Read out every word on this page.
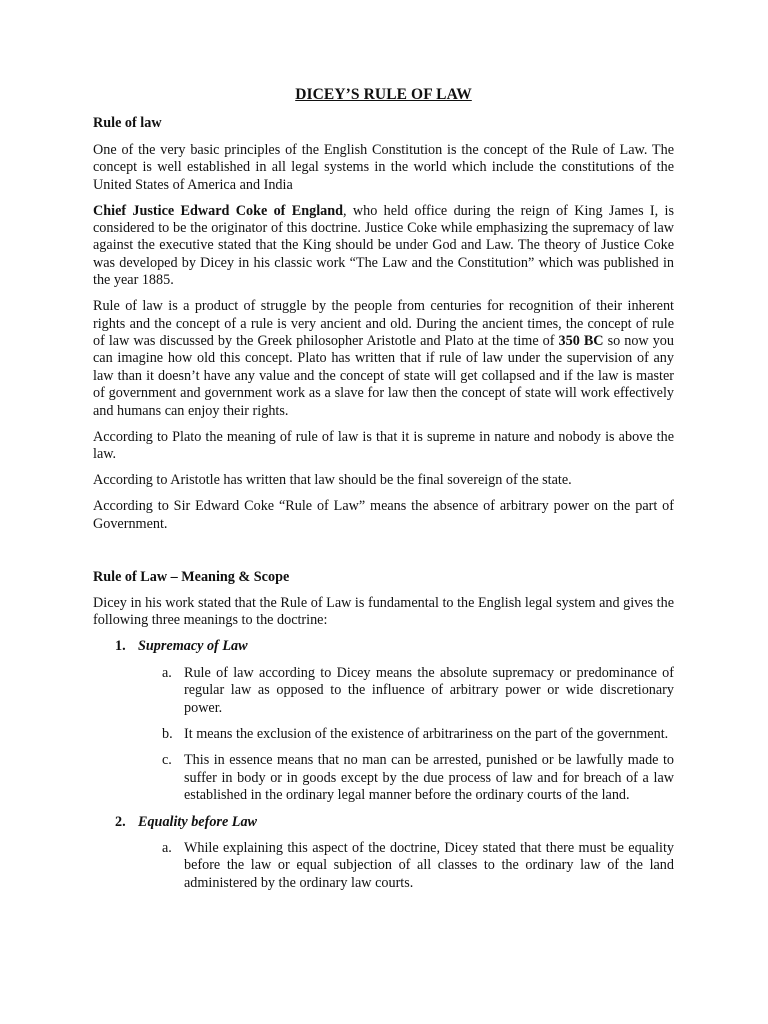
DICEY’S RULE OF LAW
Rule of law

One of the very basic principles of the English Constitution is the concept of the Rule of Law. The concept is well established in all legal systems in the world which include the constitutions of the United States of America and India

Chief Justice Edward Coke of England, who held office during the reign of King James I, is considered to be the originator of this doctrine. Justice Coke while emphasizing the supremacy of law against the executive stated that the King should be under God and Law. The theory of Justice Coke was developed by Dicey in his classic work “The Law and the Constitution” which was published in the year 1885.

Rule of law is a product of struggle by the people from centuries for recognition of their inherent rights and the concept of a rule is very ancient and old. During the ancient times, the concept of rule of law was discussed by the Greek philosopher Aristotle and Plato at the time of 350 BC so now you can imagine how old this concept. Plato has written that if rule of law under the supervision of any law than it doesn’t have any value and the concept of state will get collapsed and if the law is master of government and government work as a slave for law then the concept of state will work effectively and humans can enjoy their rights.

According to Plato the meaning of rule of law is that it is supreme in nature and nobody is above the law.

According to Aristotle has written that law should be the final sovereign of the state.

According to Sir Edward Coke “Rule of Law” means the absence of arbitrary power on the part of Government.

Rule of Law – Meaning & Scope

Dicey in his work stated that the Rule of Law is fundamental to the English legal system and gives the following three meanings to the doctrine:

1. Supremacy of Law
a. Rule of law according to Dicey means the absolute supremacy or predominance of regular law as opposed to the influence of arbitrary power or wide discretionary power.
b. It means the exclusion of the existence of arbitrariness on the part of the government.
c. This in essence means that no man can be arrested, punished or be lawfully made to suffer in body or in goods except by the due process of law and for breach of a law established in the ordinary legal manner before the ordinary courts of the land.
2. Equality before Law
a. While explaining this aspect of the doctrine, Dicey stated that there must be equality before the law or equal subjection of all classes to the ordinary law of the land administered by the ordinary law courts.
